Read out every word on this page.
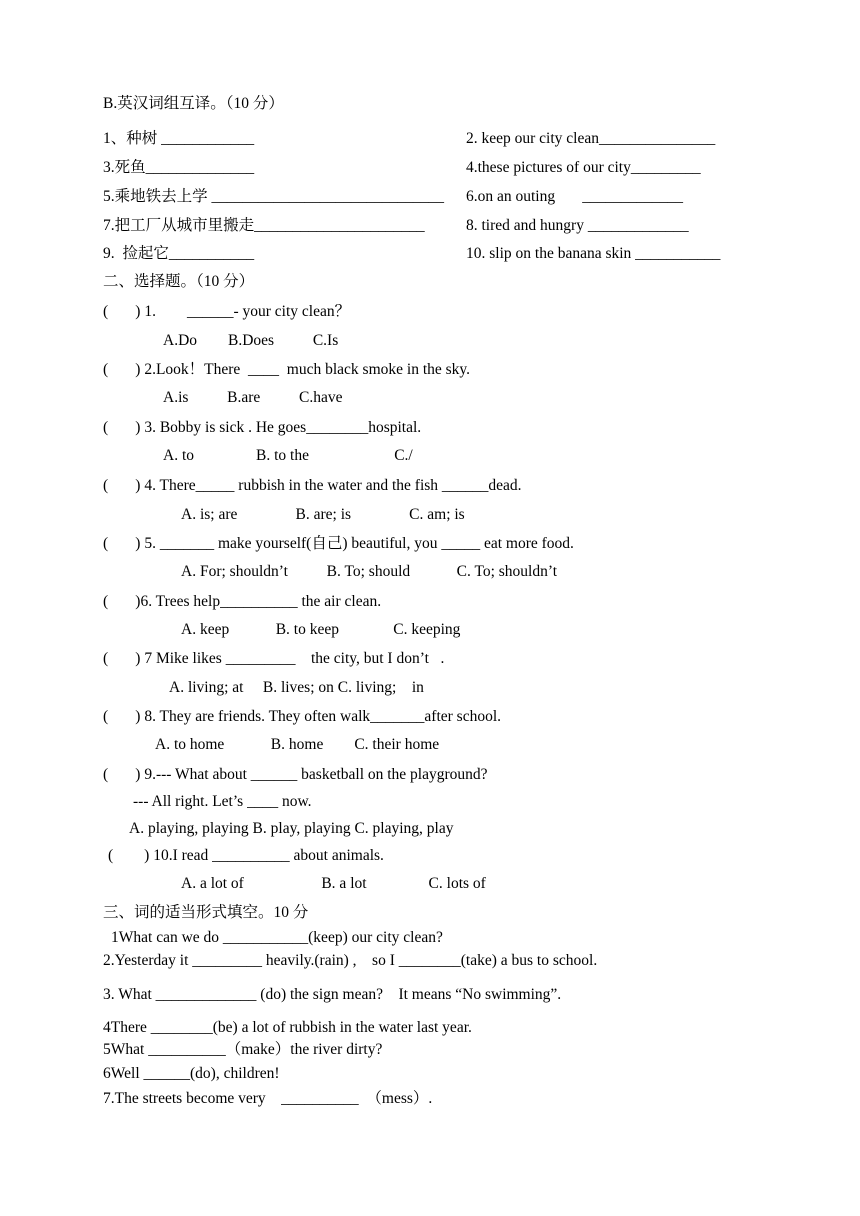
B.英汉词组互译。（10 分）
1、种树 ____________	2. keep our city clean_______________
3.死鱼______________	4.these pictures of our city_________
5.乘地铁去上学 ______________________________ 6.on an outing       _____________
7.把工厂从城市里搬走______________________	8. tired and hungry _____________
9.  捡起它___________	10. slip on the banana skin ___________
二、选择题。（10 分）
(       ) 1.        ______- your city clean？
A.Do        B.Does          C.Is
(       ) 2.Look！There  ____  much black smoke in the sky.
A.is          B.are          C.have
(       ) 3. Bobby is sick . He goes________hospital.
A. to                B. to the                      C./
(       ) 4. There_____ rubbish in the water and the fish ______dead.
A. is; are               B. are; is               C. am; is
(       ) 5. _______ make yourself(自己) beautiful, you _____ eat more food.
A. For; shouldn’t          B. To; should            C. To; shouldn’t
(       )6. Trees help__________ the air clean.
A. keep            B. to keep              C. keeping
(       ) 7 Mike likes _________    the city, but I don’t   .
A. living; at     B. lives; on C. living;    in
(       ) 8. They are friends. They often walk_______after school.
A. to home            B. home        C. their home
(       ) 9.--- What about ______ basketball on the playground?
--- All right. Let’s ____ now.
A. playing, playing B. play, playing C. playing, play
(        ) 10.I read __________ about animals.
A. a lot of                    B. a lot                C. lots of
三、词的适当形式填空。10 分
1What can we do ___________(keep) our city clean?
2.Yesterday it _________ heavily.(rain) ,    so I ________(take) a bus to school.
3. What _____________ (do) the sign mean?    It means “No swimming”.
4There ________(be) a lot of rubbish in the water last year.
5What __________（make）the river dirty?
6Well ______(do), children!
7.The streets become very    __________  （mess）.
